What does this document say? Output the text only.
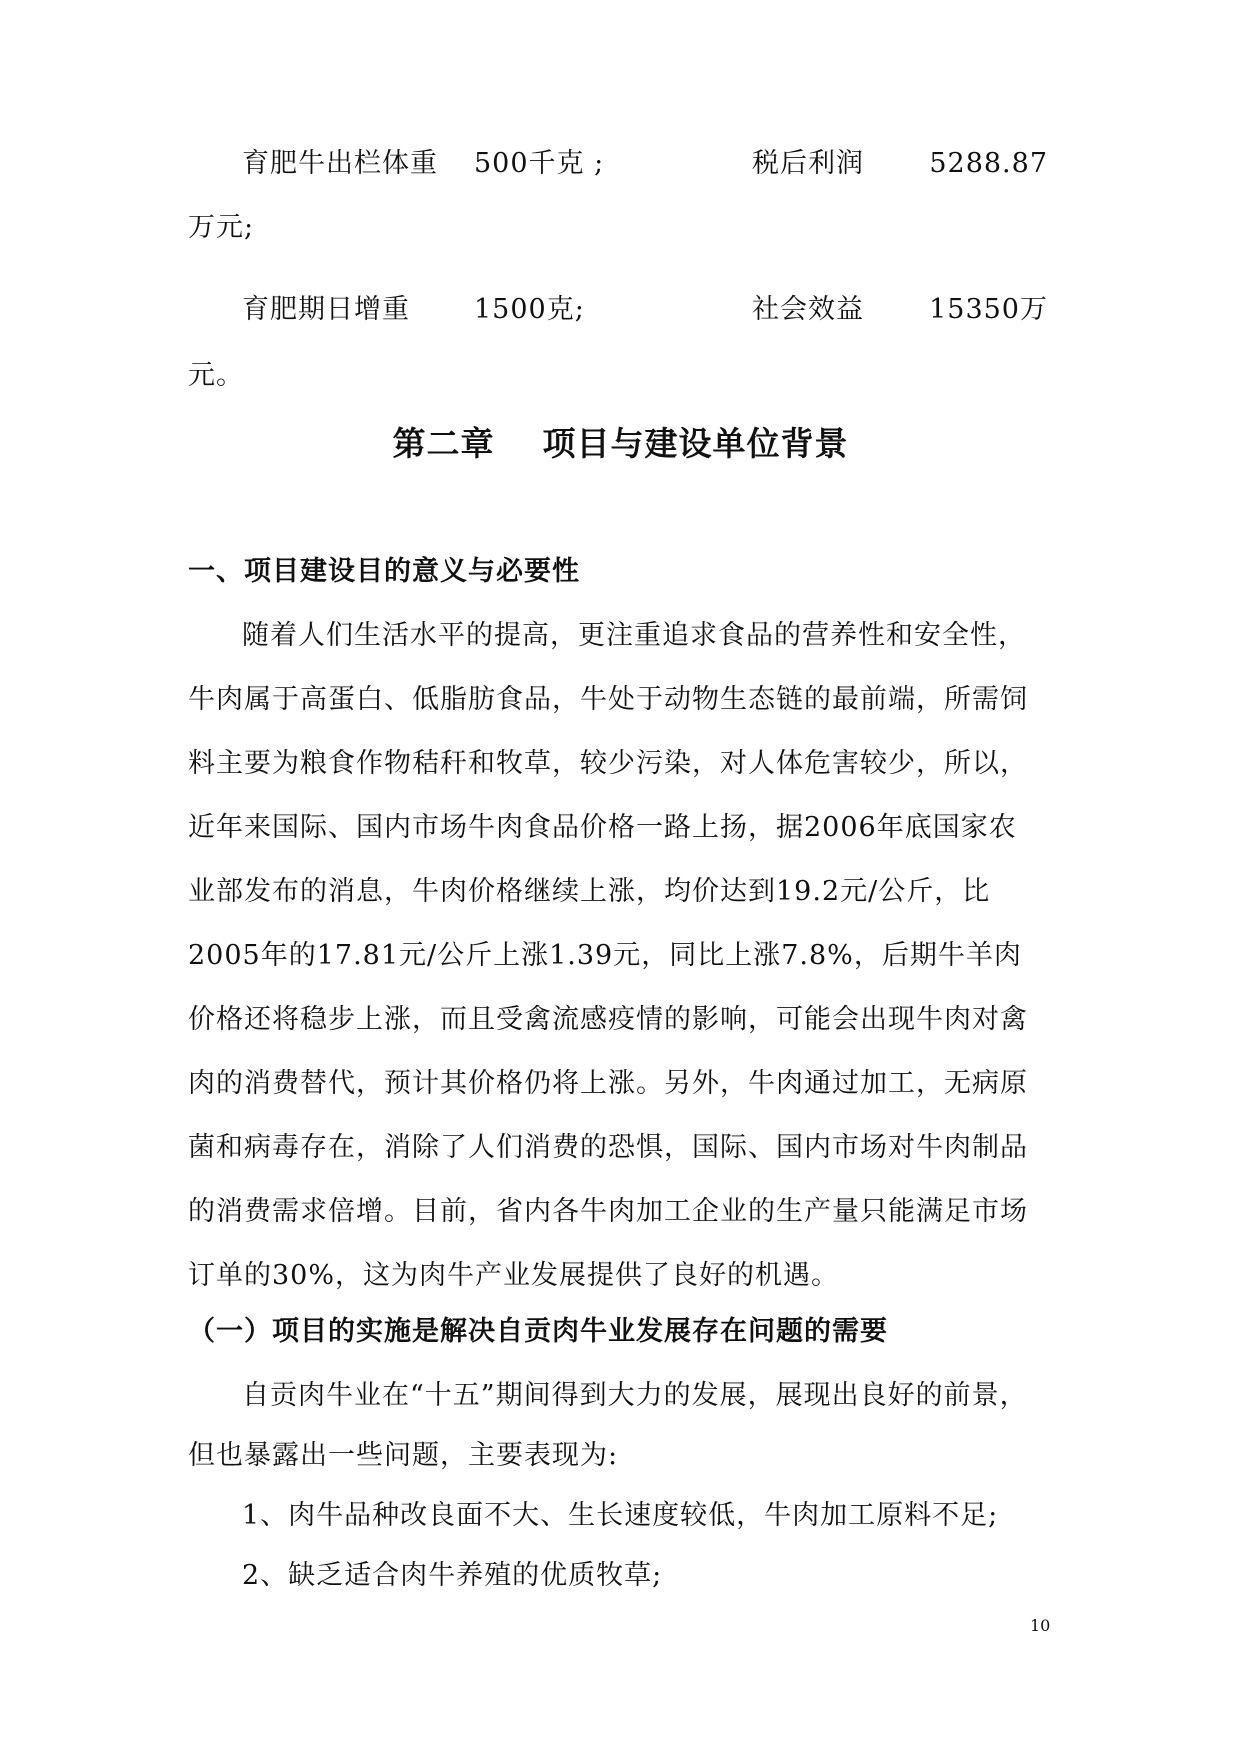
育肥牛出栏体重 500千克 ;	税后利润 5288.87
万元;
育肥期日增重 1500克;	社会效益 15350万
元。
第二章 项目与建设单位背景
一、项目建设目的意义与必要性
随着人们生活水平的提高，更注重追求食品的营养性和安全性，
牛肉属于高蛋白、低脂肪食品，牛处于动物生态链的最前端，所需饲
料主要为粮食作物秸秆和牧草，较少污染，对人体危害较少，所以，
近年来国际、国内市场牛肉食品价格一路上扬，据2006年底国家农
业部发布的消息，牛肉价格继续上涨，均价达到19.2元/公斤，比
2005年的17.81元/公斤上涨1.39元，同比上涨7.8%，后期牛羊肉
价格还将稳步上涨，而且受禽流感疫情的影响，可能会出现牛肉对禽
肉的消费替代，预计其价格仍将上涨。另外，牛肉通过加工，无病原
菌和病毒存在，消除了人们消费的恐惧，国际、国内市场对牛肉制品
的消费需求倍增。目前，省内各牛肉加工企业的生产量只能满足市场
订单的30%，这为肉牛产业发展提供了良好的机遇。
（一）项目的实施是解决自贡肉牛业发展存在问题的需要
自贡肉牛业在“十五”期间得到大力的发展，展现出良好的前景，
但也暴露出一些问题，主要表现为:
1、肉牛品种改良面不大、生长速度较低，牛肉加工原料不足;
2、缺乏适合肉牛养殖的优质牧草;
10
